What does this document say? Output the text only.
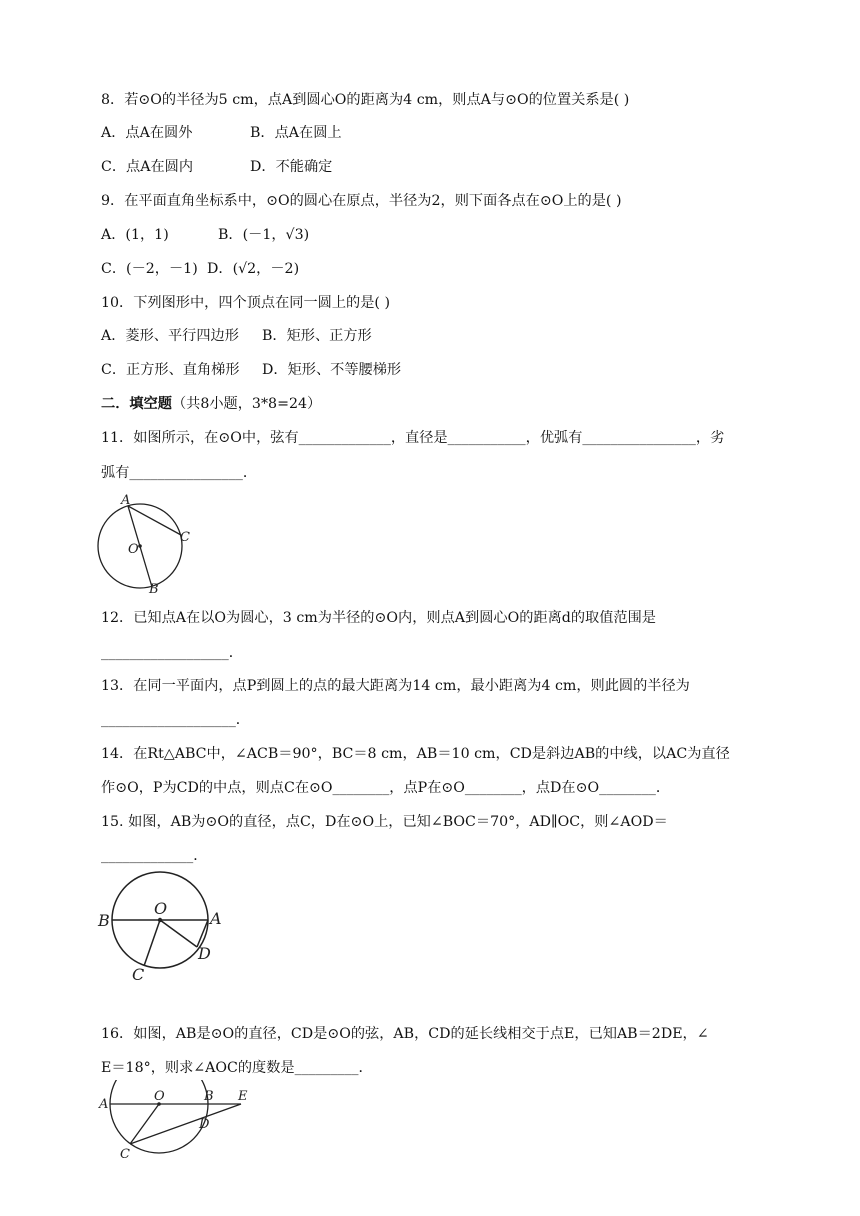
8．若⊙O的半径为5 cm，点A到圆心O的距离为4 cm，则点A与⊙O的位置关系是( )
A．点A在圆外	B．点A在圆上
C．点A在圆内	D．不能确定
9．在平面直角坐标系中，⊙O的圆心在原点，半径为2，则下面各点在⊙O上的是( )
A．(1，1)	B．(－1，√3)
C．(－2，－1) D．(√2，－2)
10．下列图形中，四个顶点在同一圆上的是( )
A．菱形、平行四边形 B．矩形、正方形
C．正方形、直角梯形 D．矩形、不等腰梯形
二．填空题（共8小题，3*8=24）
11．如图所示，在⊙O中，弦有_____________，直径是___________，优弧有________________，劣
弧有________________．
A
B
C
O
12．已知点A在以O为圆心，3 cm为半径的⊙O内，则点A到圆心O的距离d的取值范围是
__________________．
13．在同一平面内，点P到圆上的点的最大距离为14 cm，最小距离为4 cm，则此圆的半径为
___________________．
14．在Rt△ABC中，∠ACB＝90°，BC＝8 cm，AB＝10 cm，CD是斜边AB的中线，以AC为直径
作⊙O，P为CD的中点，则点C在⊙O________，点P在⊙O________，点D在⊙O________．
15. 如图，AB为⊙O的直径，点C，D在⊙O上，已知∠BOC＝70°，AD∥OC，则∠AOD＝
_____________．
B	A
O
C
D
16．如图，AB是⊙O的直径，CD是⊙O的弦，AB，CD的延长线相交于点E，已知AB＝2DE，∠
E＝18°，则求∠AOC的度数是_________．
A
O	B E
D
C
